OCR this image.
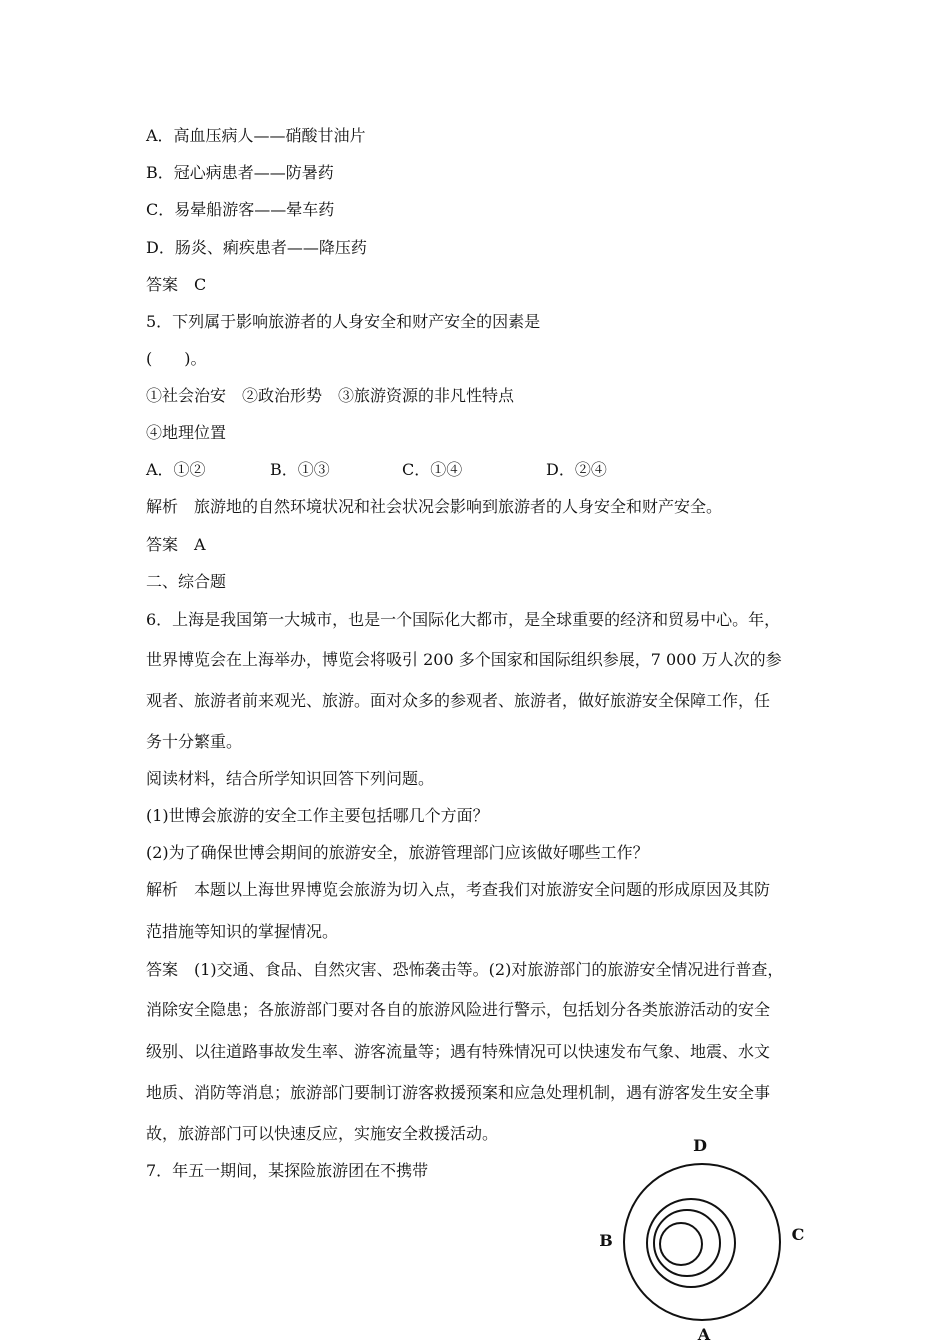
A．高血压病人——硝酸甘油片
B．冠心病患者——防暑药
C．易晕船游客——晕车药
D．肠炎、痢疾患者——降压药
答案　C
5．下列属于影响旅游者的人身安全和财产安全的因素是
(　　)。
①社会治安　②政治形势　③旅游资源的非凡性特点
④地理位置
A．①②	B．①③	C．①④	D．②④
解析　旅游地的自然环境状况和社会状况会影响到旅游者的人身安全和财产安全。
答案　A
二、综合题
6．上海是我国第一大城市，也是一个国际化大都市，是全球重要的经济和贸易中心。年，
世界博览会在上海举办，博览会将吸引 200 多个国家和国际组织参展，7 000 万人次的参
观者、旅游者前来观光、旅游。面对众多的参观者、旅游者，做好旅游安全保障工作，任
务十分繁重。
阅读材料，结合所学知识回答下列问题。
(1)世博会旅游的安全工作主要包括哪几个方面？
(2)为了确保世博会期间的旅游安全，旅游管理部门应该做好哪些工作？
解析　本题以上海世界博览会旅游为切入点，考查我们对旅游安全问题的形成原因及其防
范措施等知识的掌握情况。
答案　(1)交通、食品、自然灾害、恐怖袭击等。(2)对旅游部门的旅游安全情况进行普查，
消除安全隐患；各旅游部门要对各自的旅游风险进行警示，包括划分各类旅游活动的安全
级别、以往道路事故发生率、游客流量等；遇有特殊情况可以快速发布气象、地震、水文
地质、消防等消息；旅游部门要制订游客救援预案和应急处理机制，遇有游客发生安全事
故，旅游部门可以快速反应，实施安全救援活动。
7．年五一期间，某探险旅游团在不携带
D
B	C
A
